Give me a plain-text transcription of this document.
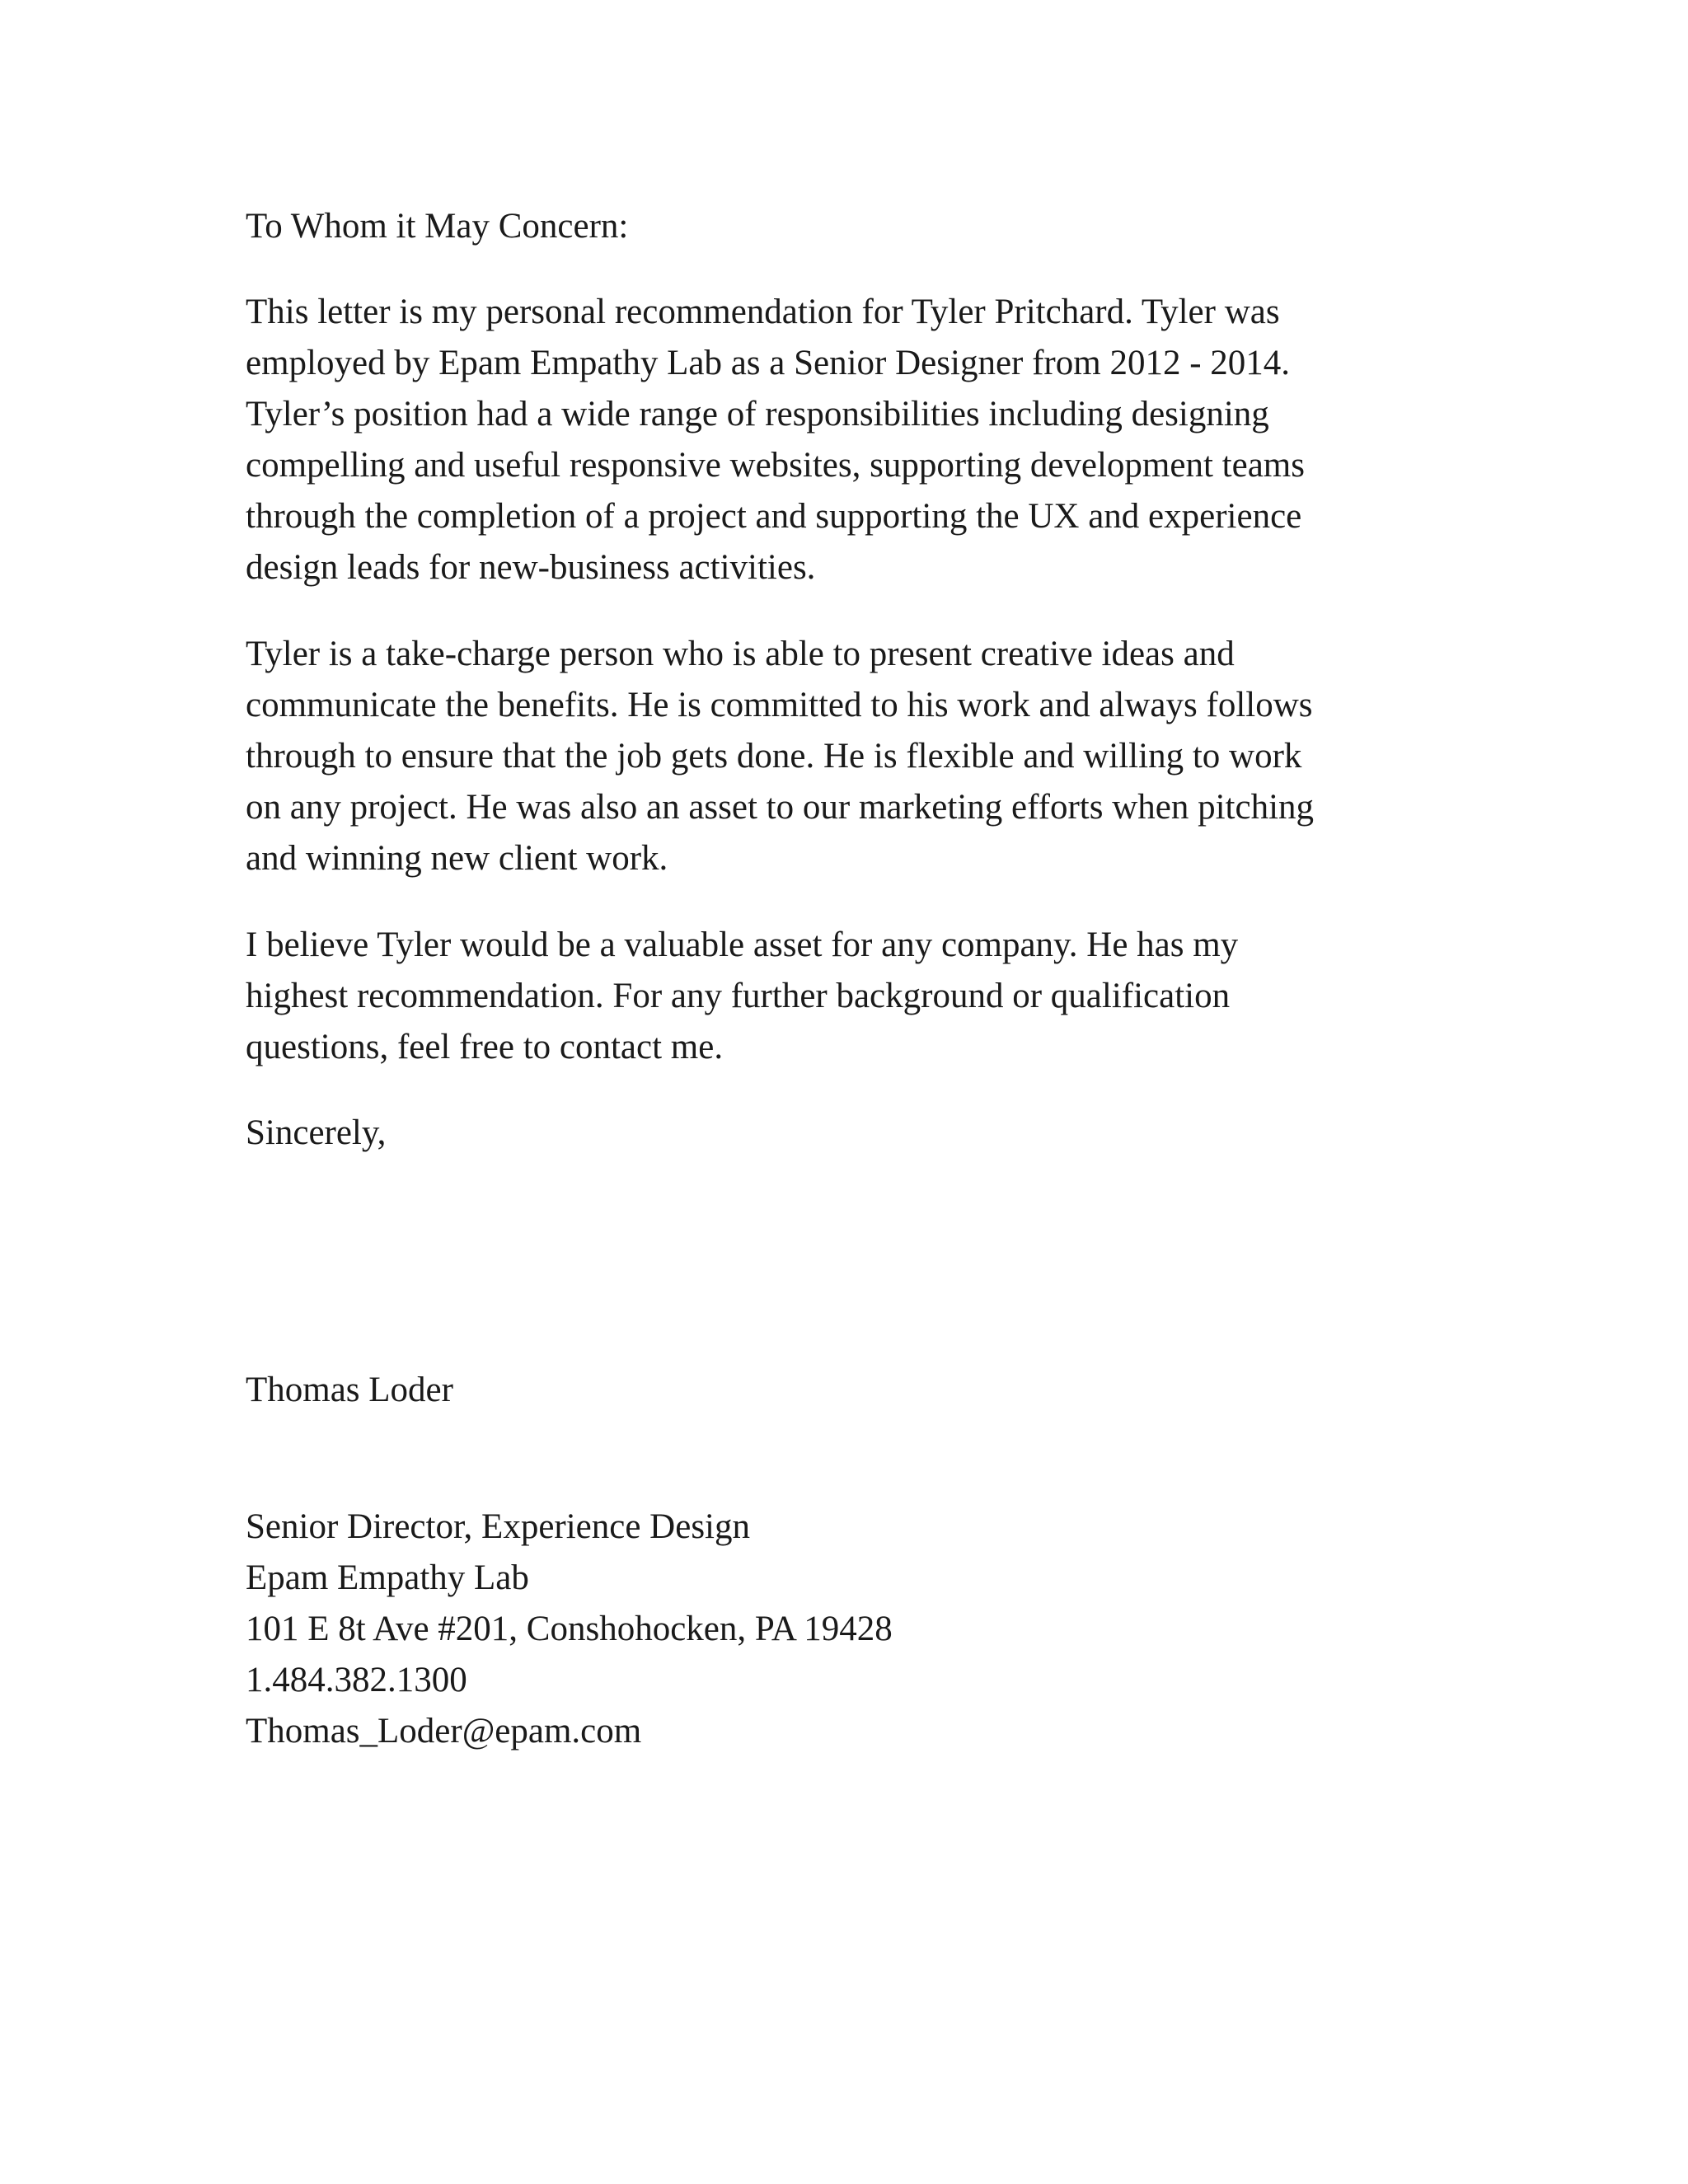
To Whom it May Concern:

This letter is my personal recommendation for Tyler Pritchard. Tyler was
employed by Epam Empathy Lab as a Senior Designer from 2012 - 2014.
Tyler’s position had a wide range of responsibilities including designing
compelling and useful responsive websites, supporting development teams
through the completion of a project and supporting the UX and experience
design leads for new-business activities.

Tyler is a take-charge person who is able to present creative ideas and
communicate the benefits. He is committed to his work and always follows
through to ensure that the job gets done. He is flexible and willing to work
on any project. He was also an asset to our marketing efforts when pitching
and winning new client work.

I believe Tyler would be a valuable asset for any company. He has my
highest recommendation. For any further background or qualification
questions, feel free to contact me.

Sincerely,

Thomas Loder

Senior Director, Experience Design
Epam Empathy Lab
101 E 8t Ave #201, Conshohocken, PA 19428
1.484.382.1300
Thomas_Loder@epam.com
